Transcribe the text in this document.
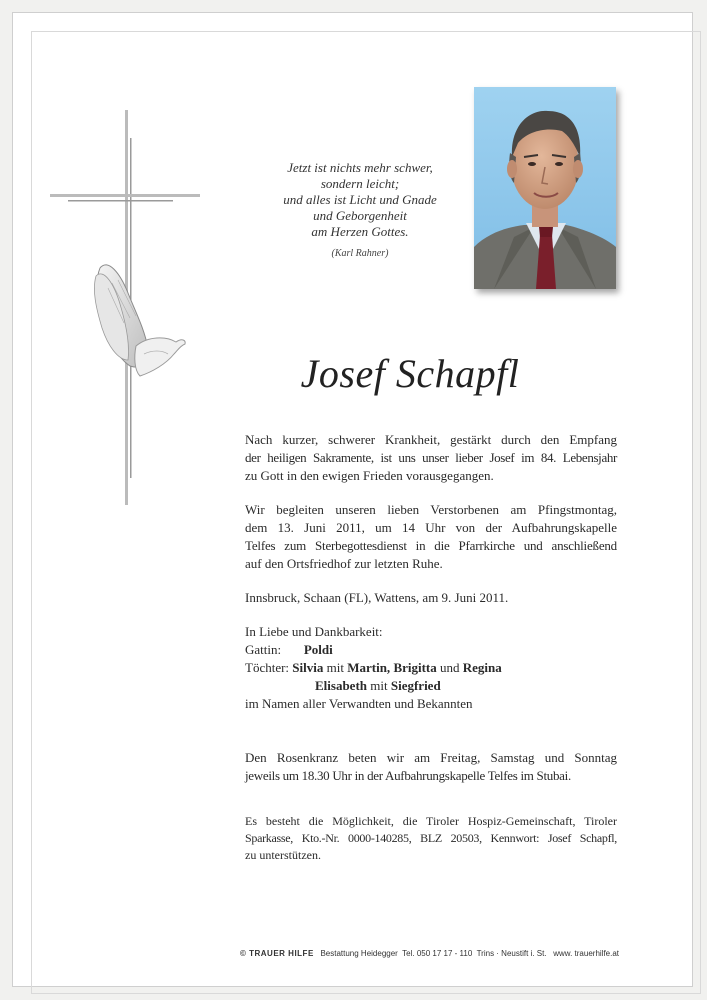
Jetzt ist nichts mehr schwer,
sondern leicht;
und alles ist Licht und Gnade
und Geborgenheit
am Herzen Gottes.
(Karl Rahner)
Josef Schapfl
Nach kurzer, schwerer Krankheit, gestärkt durch den Empfang
der heiligen Sakramente, ist uns unser lieber Josef im 84. Lebensjahr
zu Gott in den ewigen Frieden vorausgegangen.
Wir begleiten unseren lieben Verstorbenen am Pfingstmontag,
dem 13. Juni 2011, um 14 Uhr von der Aufbahrungskapelle
Telfes zum Sterbegottesdienst in die Pfarrkirche und anschließend
auf den Ortsfriedhof zur letzten Ruhe.
Innsbruck, Schaan (FL), Wattens, am 9. Juni 2011.
In Liebe und Dankbarkeit:
Gattin: Poldi
Töchter: Silvia mit Martin, Brigitta und Regina
Elisabeth mit Siegfried
im Namen aller Verwandten und Bekannten
Den Rosenkranz beten wir am Freitag, Samstag und Sonntag
jeweils um 18.30 Uhr in der Aufbahrungskapelle Telfes im Stubai.
Es besteht die Möglichkeit, die Tiroler Hospiz-Gemeinschaft, Tiroler
Sparkasse, Kto.-Nr. 0000-140285, BLZ 20503, Kennwort: Josef Schapfl,
zu unterstützen.
© TRAUER HILFE Bestattung Heidegger Tel. 050 17 17 - 110 Trins · Neustift i. St. www. trauerhilfe.at
